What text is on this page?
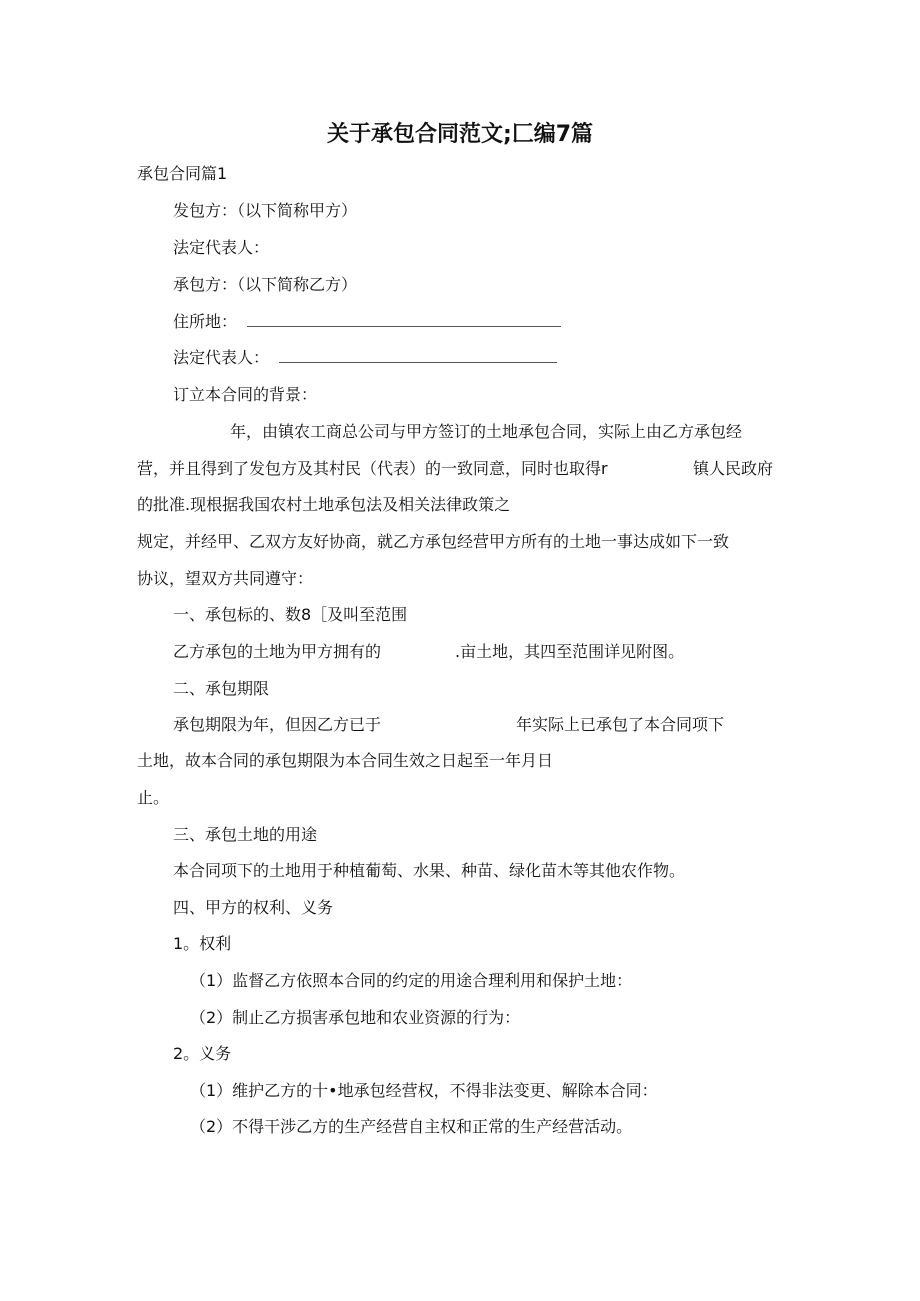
关于承包合同范文;匚编7篇
承包合同篇1
发包方：（以下简称甲方）
法定代表人：
承包方：（以下简称乙方）
住所地：
法定代表人：
订立本合同的背景：
年，由镇农工商总公司与甲方签订的土地承包合同，实际上由乙方承包经
营，并且得到了发包方及其村民（代表）的一致同意，同时也取得r	镇人民政府
的批准.现根据我国农村土地承包法及相关法律政策之
规定，并经甲、乙双方友好协商，就乙方承包经营甲方所有的土地一事达成如下一致
协议，望双方共同遵守：
一、承包标的、数8［及叫至范围
乙方承包的土地为甲方拥有的	.亩土地，其四至范围详见附图。
二、承包期限
承包期限为年，但因乙方已于	年实际上已承包了本合同项下
土地，故本合同的承包期限为本合同生效之日起至一年月日
止。
三、承包土地的用途
本合同项下的土地用于种植葡萄、水果、种苗、绿化苗木等其他农作物。
四、甲方的权利、义务
1。权利
（1）监督乙方依照本合同的约定的用途合理利用和保护土地：
（2）制止乙方损害承包地和农业资源的行为：
2。义务
（1）维护乙方的十•地承包经营权，不得非法变更、解除本合同：
（2）不得干涉乙方的生产经营自主权和正常的生产经营活动。
